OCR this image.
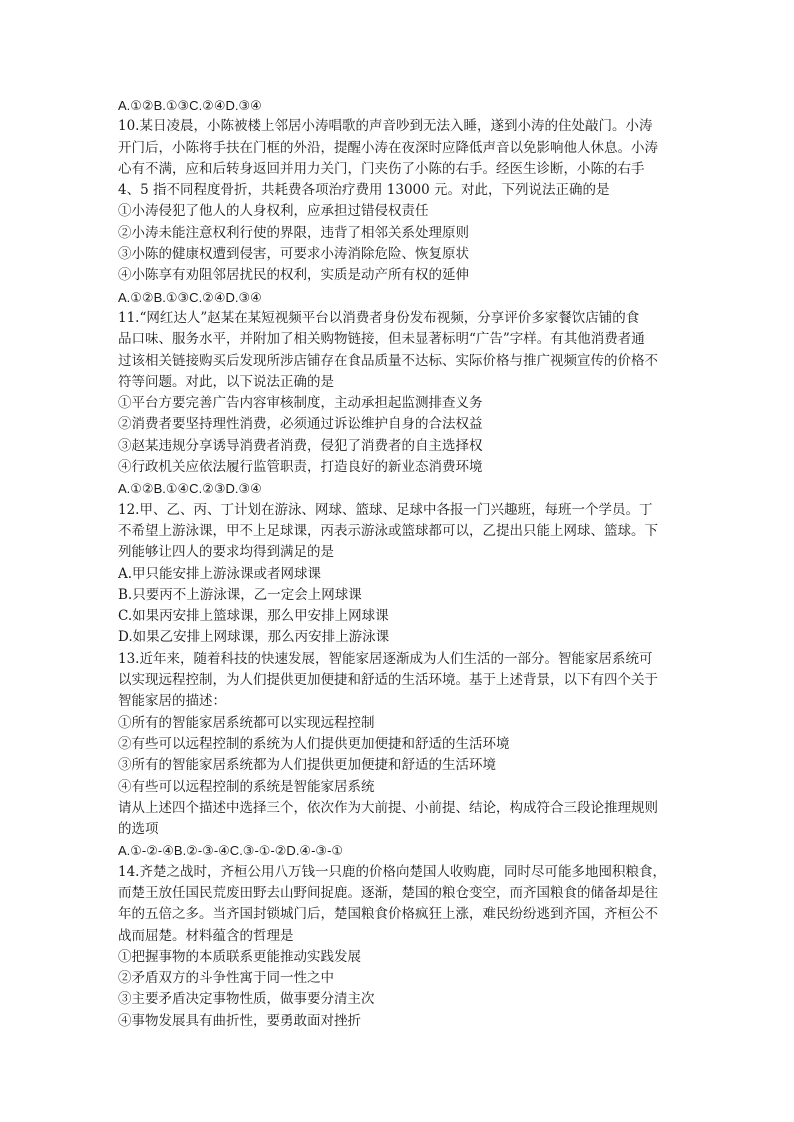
A.①②B.①③C.②④D.③④
10.某日凌晨，小陈被楼上邻居小涛唱歌的声音吵到无法入睡，遂到小涛的住处敲门。小涛
开门后，小陈将手扶在门框的外沿，提醒小涛在夜深时应降低声音以免影响他人休息。小涛
心有不满，应和后转身返回并用力关门，门夹伤了小陈的右手。经医生诊断，小陈的右手
4、5 指不同程度骨折，共耗费各项治疗费用 13000 元。对此，下列说法正确的是
①小涛侵犯了他人的人身权利，应承担过错侵权责任
②小涛未能注意权利行使的界限，违背了相邻关系处理原则
③小陈的健康权遭到侵害，可要求小涛消除危险、恢复原状
④小陈享有劝阻邻居扰民的权利，实质是动产所有权的延伸
A.①②B.①③C.②④D.③④
11.“网红达人”赵某在某短视频平台以消费者身份发布视频，分享评价多家餐饮店铺的食
品口味、服务水平，并附加了相关购物链接，但未显著标明“广告”字样。有其他消费者通
过该相关链接购买后发现所涉店铺存在食品质量不达标、实际价格与推广视频宣传的价格不
符等问题。对此，以下说法正确的是
①平台方要完善广告内容审核制度，主动承担起监测排查义务
②消费者要坚持理性消费，必须通过诉讼维护自身的合法权益
③赵某违规分享诱导消费者消费，侵犯了消费者的自主选择权
④行政机关应依法履行监管职责，打造良好的新业态消费环境
A.①②B.①④C.②③D.③④
12.甲、乙、丙、丁计划在游泳、网球、篮球、足球中各报一门兴趣班，每班一个学员。丁
不希望上游泳课，甲不上足球课，丙表示游泳或篮球都可以，乙提出只能上网球、篮球。下
列能够让四人的要求均得到满足的是
A.甲只能安排上游泳课或者网球课
B.只要丙不上游泳课，乙一定会上网球课
C.如果丙安排上篮球课，那么甲安排上网球课
D.如果乙安排上网球课，那么丙安排上游泳课
13.近年来，随着科技的快速发展，智能家居逐渐成为人们生活的一部分。智能家居系统可
以实现远程控制，为人们提供更加便捷和舒适的生活环境。基于上述背景，以下有四个关于
智能家居的描述：
①所有的智能家居系统都可以实现远程控制
②有些可以远程控制的系统为人们提供更加便捷和舒适的生活环境
③所有的智能家居系统都为人们提供更加便捷和舒适的生活环境
④有些可以远程控制的系统是智能家居系统
请从上述四个描述中选择三个，依次作为大前提、小前提、结论，构成符合三段论推理规则
的选项
A.①-②-④B.②-③-④C.③-①-②D.④-③-①
14.齐楚之战时，齐桓公用八万钱一只鹿的价格向楚国人收购鹿，同时尽可能多地囤积粮食，
而楚王放任国民荒废田野去山野间捉鹿。逐渐，楚国的粮仓变空，而齐国粮食的储备却是往
年的五倍之多。当齐国封锁城门后，楚国粮食价格疯狂上涨，难民纷纷逃到齐国，齐桓公不
战而屈楚。材料蕴含的哲理是
①把握事物的本质联系更能推动实践发展
②矛盾双方的斗争性寓于同一性之中
③主要矛盾决定事物性质，做事要分清主次
④事物发展具有曲折性，要勇敢面对挫折
